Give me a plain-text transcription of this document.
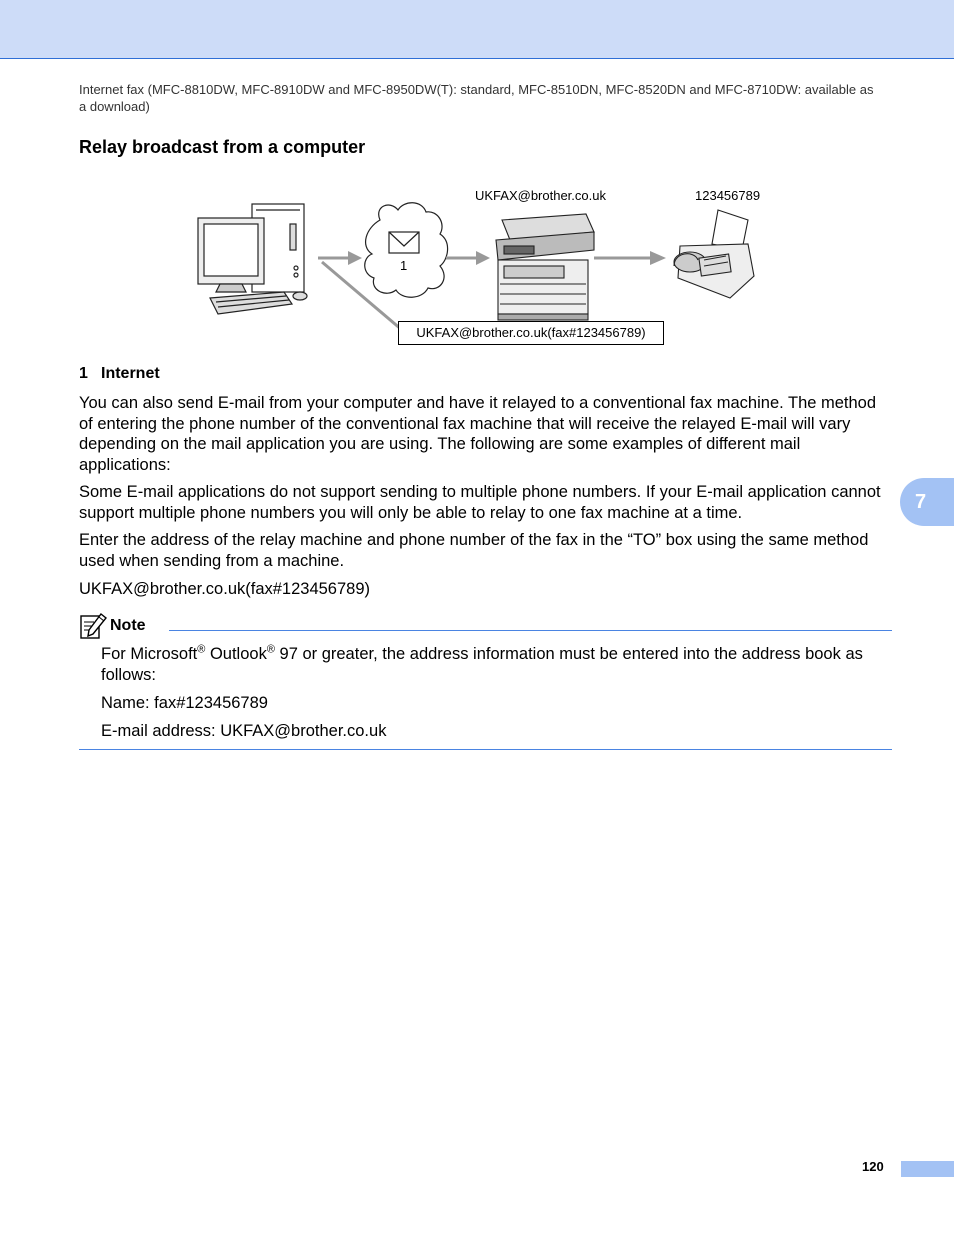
Internet fax (MFC-8810DW, MFC-8910DW and MFC-8950DW(T): standard, MFC-8510DN, MFC-8520DN and MFC-8710DW: available as a download)
Relay broadcast from a computer
UKFAX@brother.co.uk	123456789
1
UKFAX@brother.co.uk(fax#123456789)
1 Internet
You can also send E-mail from your computer and have it relayed to a conventional fax machine. The method of entering the phone number of the conventional fax machine that will receive the relayed E-mail will vary depending on the mail application you are using. The following are some examples of different mail applications:
Some E-mail applications do not support sending to multiple phone numbers. If your E-mail application cannot support multiple phone numbers you will only be able to relay to one fax machine at a time.
Enter the address of the relay machine and phone number of the fax in the “TO” box using the same method used when sending from a machine.
UKFAX@brother.co.uk(fax#123456789)
7
Note
For Microsoft® Outlook® 97 or greater, the address information must be entered into the address book as follows:
Name: fax#123456789
E-mail address: UKFAX@brother.co.uk
120
